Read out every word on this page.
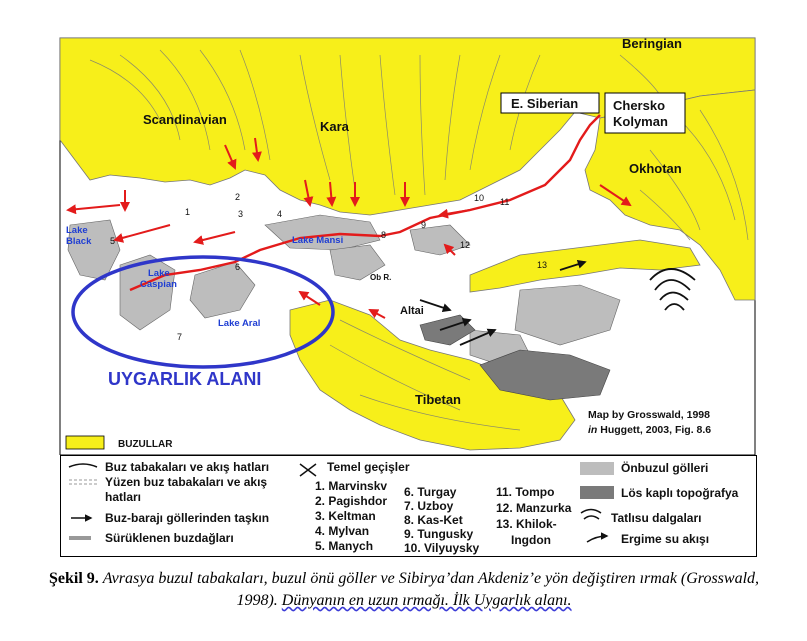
Beringian
Scandinavian	Kara
Okhotan
Tibetan
E. Siberian	Chersko Kolyman
Lake Black
Lake Caspian
Lake Aral
Lake Mansi
Ob R.
Altai
1
2
3	4
5
6
7
8
9
10 11
12
13
UYGARLIK ALANI
Map by Grosswald, 1998
in Huggett, 2003, Fig. 8.6
BUZULLAR
Buz tabakaları ve akış hatları
Yüzen buz tabakaları ve akış hatları
Buz-barajı göllerinden taşkın
Sürüklenen buzdağları
Temel geçişler
1. Marvinskv
2. Pagishdor
3. Keltman
4. Mylvan
5. Manych
6. Turgay
7. Uzboy
8. Kas-Ket
9. Tungusky
10. Vilyuysky
11. Tompo
12. Manzurka
13. Khilok-
Ingdon
Önbuzul gölleri
Lös kaplı topoğrafya
Tatlısu dalgaları
Ergime su akışı
Şekil 9. Avrasya buzul tabakaları, buzul önü göller ve Sibirya’dan Akdeniz’e yön değiştiren ırmak (Grosswald, 1998). Dünyanın en uzun ırmağı. İlk Uygarlık alanı.
